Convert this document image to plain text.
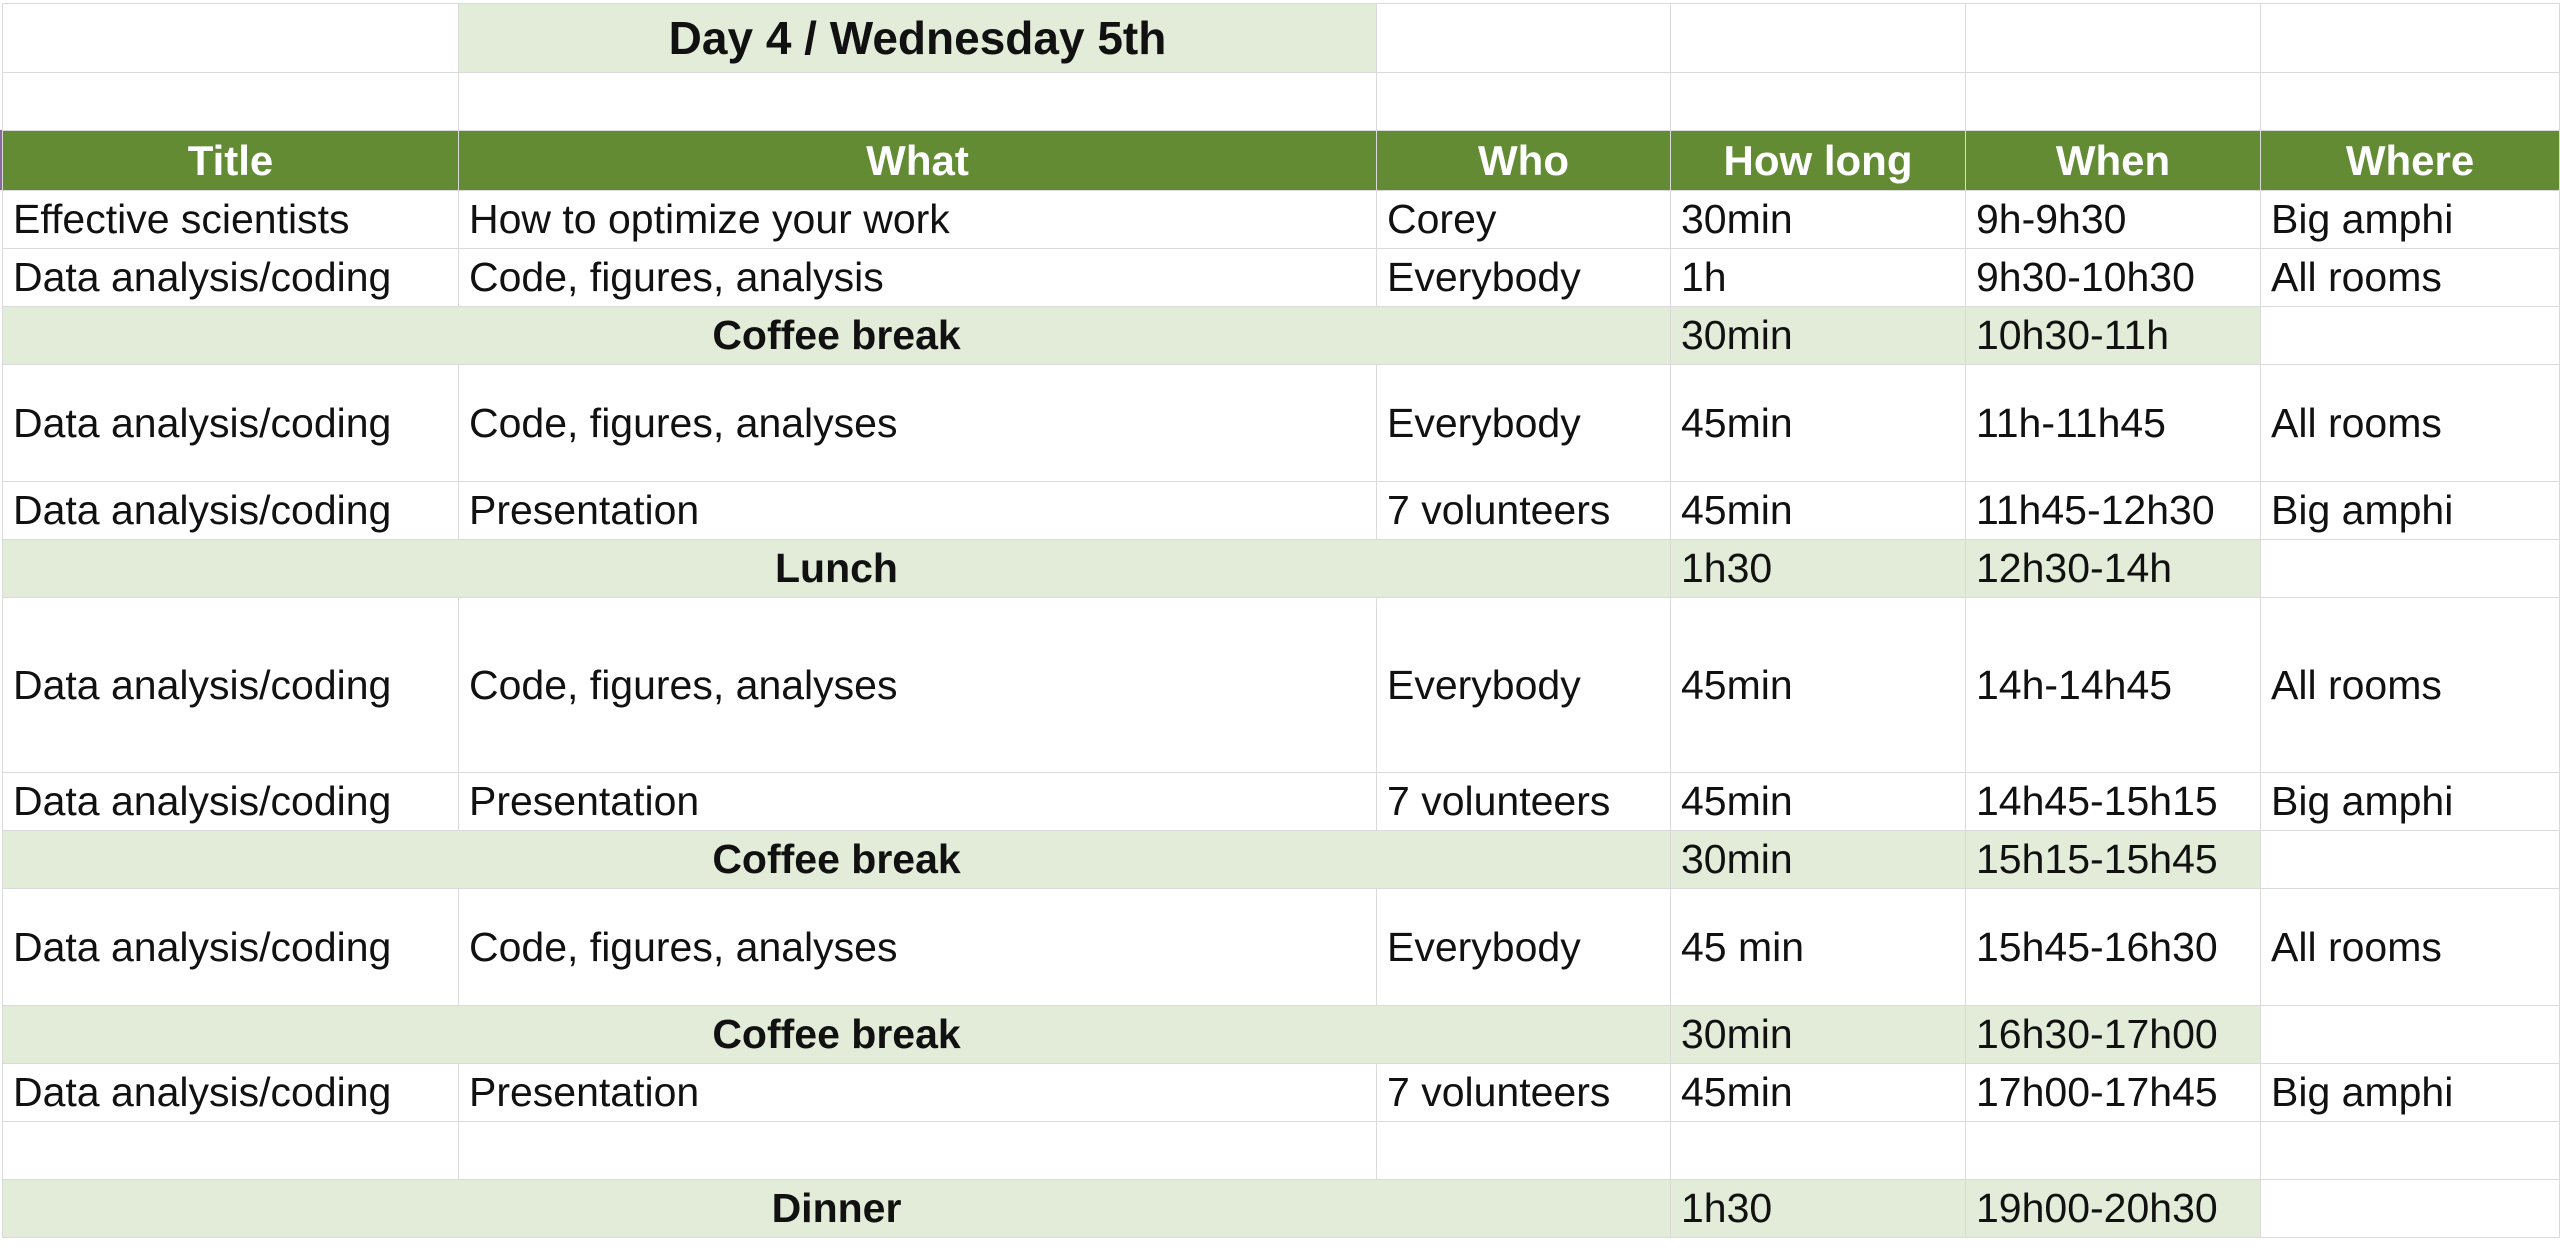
	Day 4 / Wednesday 5th				

Title	What	Who	How long	When	Where
Effective scientists	How to optimize your work	Corey	30min	9h-9h30	Big amphi
Data analysis/coding	Code, figures, analysis	Everybody	1h	9h30-10h30	All rooms
Coffee break			30min	10h30-11h	
Data analysis/coding	Code, figures, analyses	Everybody	45min	11h-11h45	All rooms
Data analysis/coding	Presentation	7 volunteers	45min	11h45-12h30	Big amphi
Lunch			1h30	12h30-14h	
Data analysis/coding	Code, figures, analyses	Everybody	45min	14h-14h45	All rooms
Data analysis/coding	Presentation	7 volunteers	45min	14h45-15h15	Big amphi
Coffee break			30min	15h15-15h45	
Data analysis/coding	Code, figures, analyses	Everybody	45 min	15h45-16h30	All rooms
Coffee break			30min	16h30-17h00	
Data analysis/coding	Presentation	7 volunteers	45min	17h00-17h45	Big amphi

Dinner			1h30	19h00-20h30	
